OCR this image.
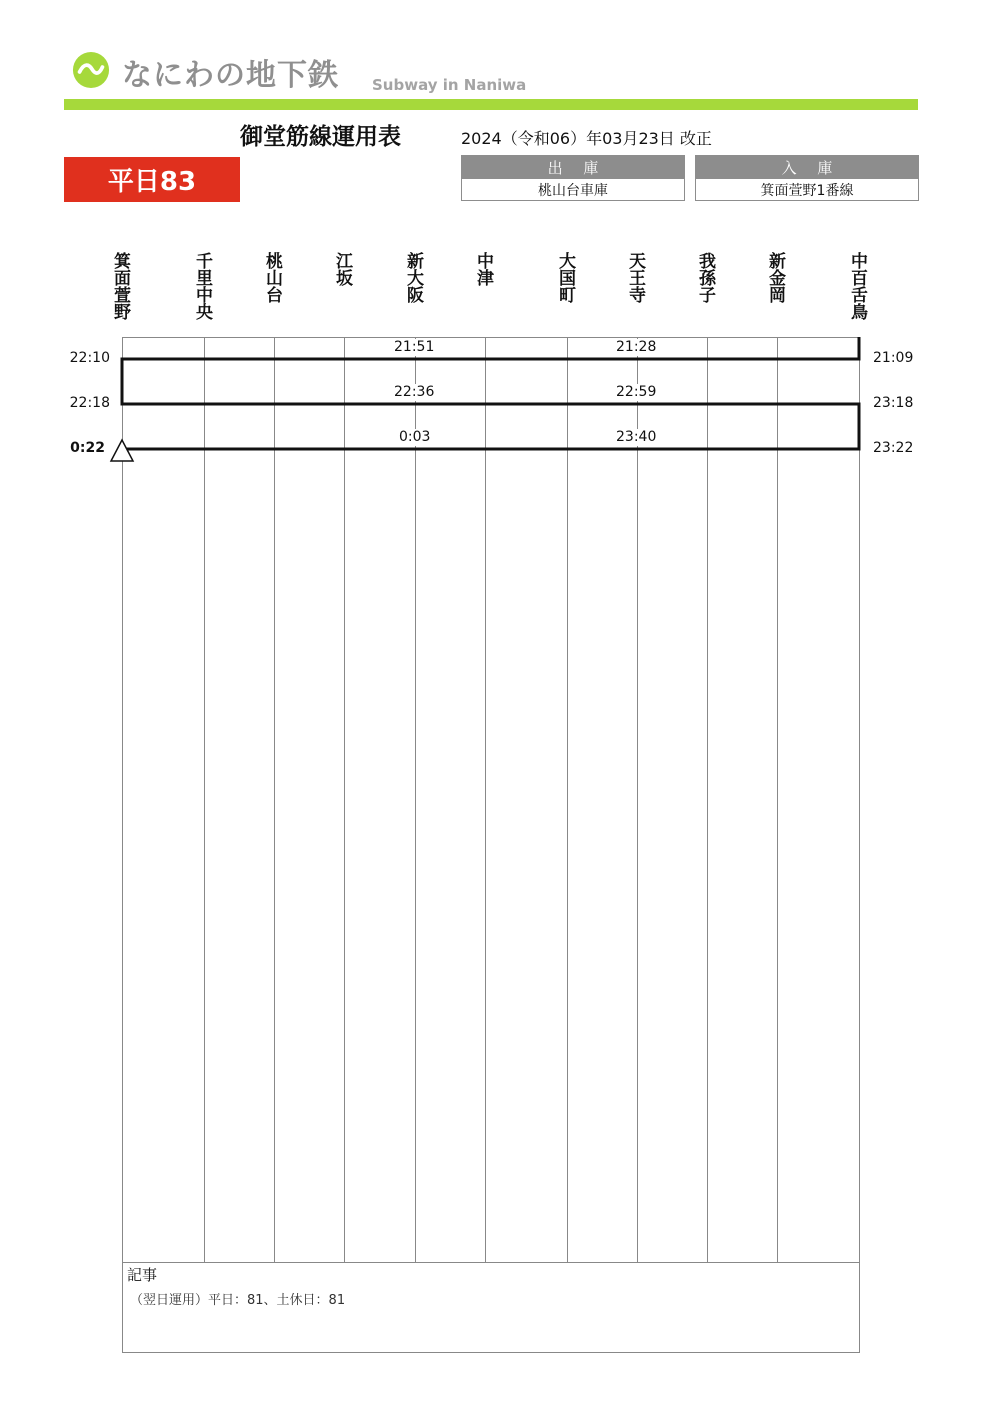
なにわの地下鉄 Subway in Naniwa
御堂筋線運用表	2024（令和06）年03月23日 改正
平日83	出 庫
桃山台車庫
入 庫
箕面萱野1番線
箕面萱野	千里中央	桃山台	江坂	新大阪	中津	大国町	天王寺	我孫子	新金岡	中百舌鳥
22:10
22:18
0:22
21:09
23:18
23:22
21:51
22:36
0:03
21:28
22:59
23:40
記事
（翌日運用）平日：81、土休日：81
